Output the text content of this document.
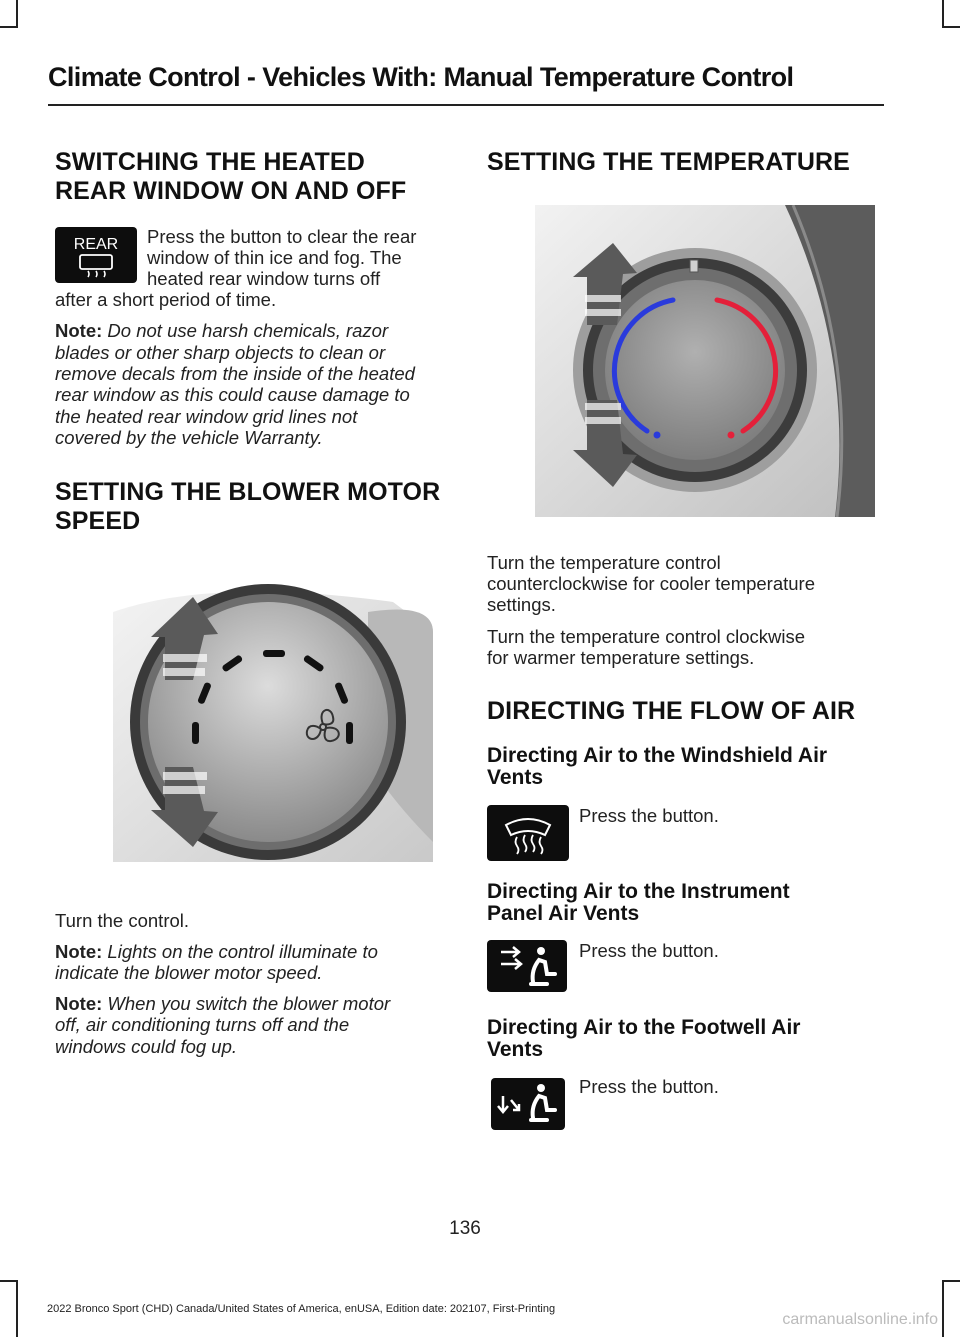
Climate Control - Vehicles With: Manual Temperature Control
SWITCHING THE HEATED
REAR WINDOW ON AND OFF
REAR Press the button to clear the rear
window of thin ice and fog. The
heated rear window turns off
after a short period of time.
Note: Do not use harsh chemicals, razor
blades or other sharp objects to clean or
remove decals from the inside of the heated
rear window as this could cause damage to
the heated rear window grid lines not
covered by the vehicle Warranty.
SETTING THE BLOWER MOTOR
SPEED
Turn the control.
Note: Lights on the control illuminate to
indicate the blower motor speed.
Note: When you switch the blower motor
off, air conditioning turns off and the
windows could fog up.
SETTING THE TEMPERATURE
Turn the temperature control
counterclockwise for cooler temperature
settings.
Turn the temperature control clockwise
for warmer temperature settings.
DIRECTING THE FLOW OF AIR
Directing Air to the Windshield Air
Vents
Press the button.
Directing Air to the Instrument
Panel Air Vents
Press the button.
Directing Air to the Footwell Air
Vents
Press the button.
136
2022 Bronco Sport (CHD) Canada/United States of America, enUSA, Edition date: 202107, First-Printing
carmanualsonline.info
